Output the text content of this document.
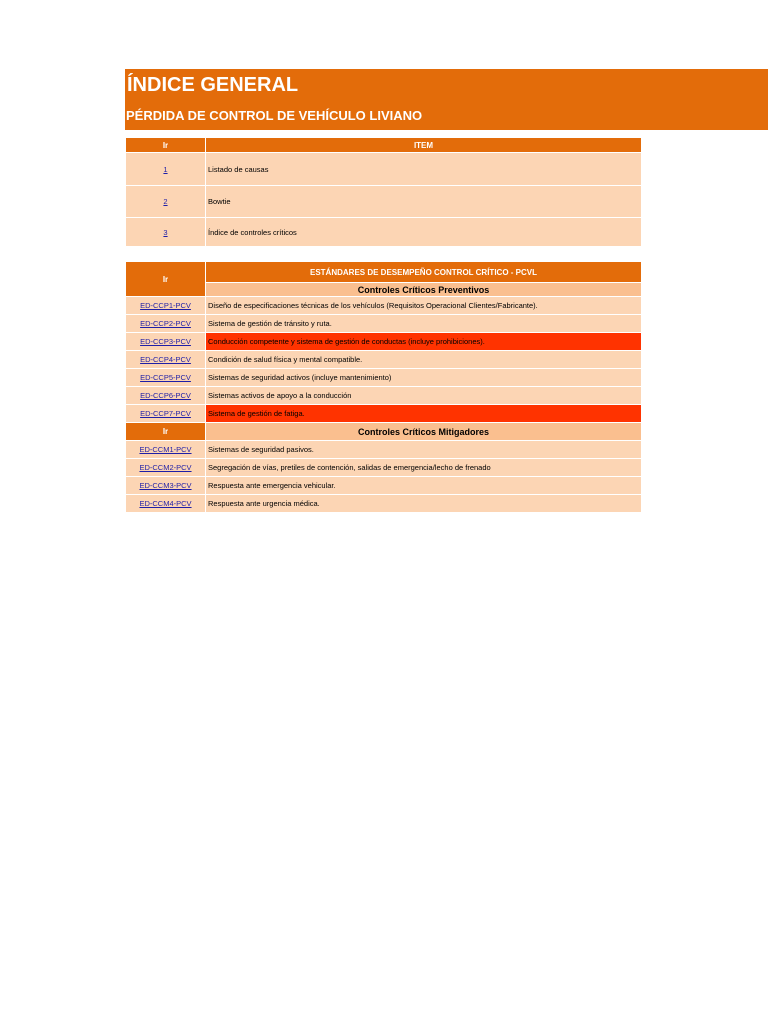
ÍNDICE GENERAL
PÉRDIDA DE CONTROL DE VEHÍCULO LIVIANO
Ir	ITEM
1	Listado de causas
2	Bowtie
3	Índice de controles críticos
Ir	ESTÁNDARES DE DESEMPEÑO CONTROL CRÍTICO - PCVL
	Controles Críticos Preventivos
ED-CCP1-PCV	Diseño de especificaciones técnicas de los vehículos (Requisitos Operacional Clientes/Fabricante).
ED-CCP2-PCV	Sistema de gestión de tránsito y ruta.
ED-CCP3-PCV	Conducción competente y sistema de gestión de conductas (incluye prohibiciones).
ED-CCP4-PCV	Condición de salud física y mental compatible.
ED-CCP5-PCV	Sistemas de seguridad activos (incluye mantenimiento)
ED-CCP6-PCV	Sistemas activos de apoyo a la conducción
ED-CCP7-PCV	Sistema de gestión de fatiga.
Ir	Controles Críticos Mitigadores
ED-CCM1-PCV	Sistemas de seguridad pasivos.
ED-CCM2-PCV	Segregación de vías, pretiles de contención, salidas de emergencia/lecho de frenado
ED-CCM3-PCV	Respuesta ante emergencia vehicular.
ED-CCM4-PCV	Respuesta ante urgencia médica.
